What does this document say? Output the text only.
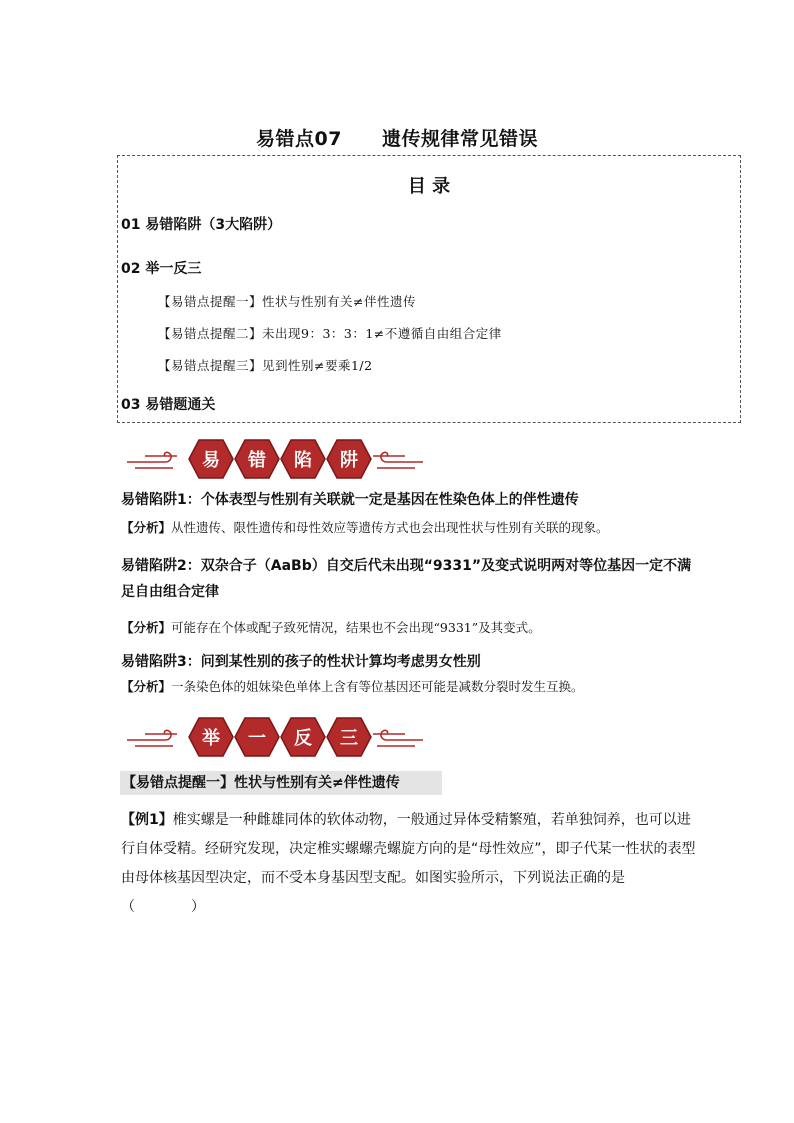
易错点07 遗传规律常见错误
目 录
01 易错陷阱（3大陷阱）
02 举一反三
【易错点提醒一】性状与性别有关≠伴性遗传
【易错点提醒二】未出现9：3：3：1≠不遵循自由组合定律
【易错点提醒三】见到性别≠要乘1/2
03 易错题通关
易 错 陷 阱
易错陷阱1：个体表型与性别有关联就一定是基因在性染色体上的伴性遗传
【分析】从性遗传、限性遗传和母性效应等遗传方式也会出现性状与性别有关联的现象。
易错陷阱2：双杂合子（AaBb）自交后代未出现“9331”及变式说明两对等位基因一定不满足自由组合定律
【分析】可能存在个体或配子致死情况，结果也不会出现“9331”及其变式。
易错陷阱3：问到某性别的孩子的性状计算均考虑男女性别
【分析】一条染色体的姐妹染色单体上含有等位基因还可能是减数分裂时发生互换。
举 一 反 三
【易错点提醒一】性状与性别有关≠伴性遗传
【例1】椎实螺是一种雌雄同体的软体动物，一般通过异体受精繁殖，若单独饲养，也可以进行自体受精。经研究发现，决定椎实螺螺壳螺旋方向的是“母性效应”，即子代某一性状的表型由母体核基因型决定，而不受本身基因型支配。如图实验所示，下列说法正确的是（　　　　）
